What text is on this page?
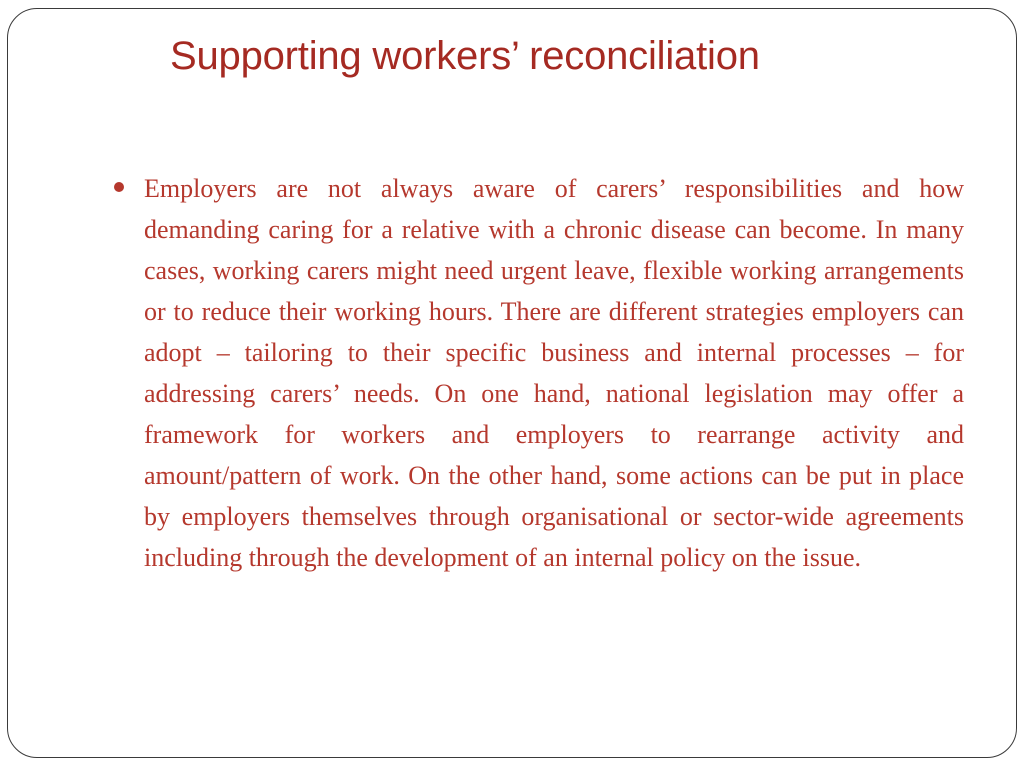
Supporting workers’ reconciliation

Employers are not always aware of carers’ responsibilities and how demanding caring for a relative with a chronic disease can become. In many cases, working carers might need urgent leave, flexible working arrangements or to reduce their working hours. There are different strategies employers can adopt – tailoring to their specific business and internal processes – for addressing carers’ needs. On one hand, national legislation may offer a framework for workers and employers to rearrange activity and amount/pattern of work. On the other hand, some actions can be put in place by employers themselves through organisational or sector-wide agreements including through the development of an internal policy on the issue.
